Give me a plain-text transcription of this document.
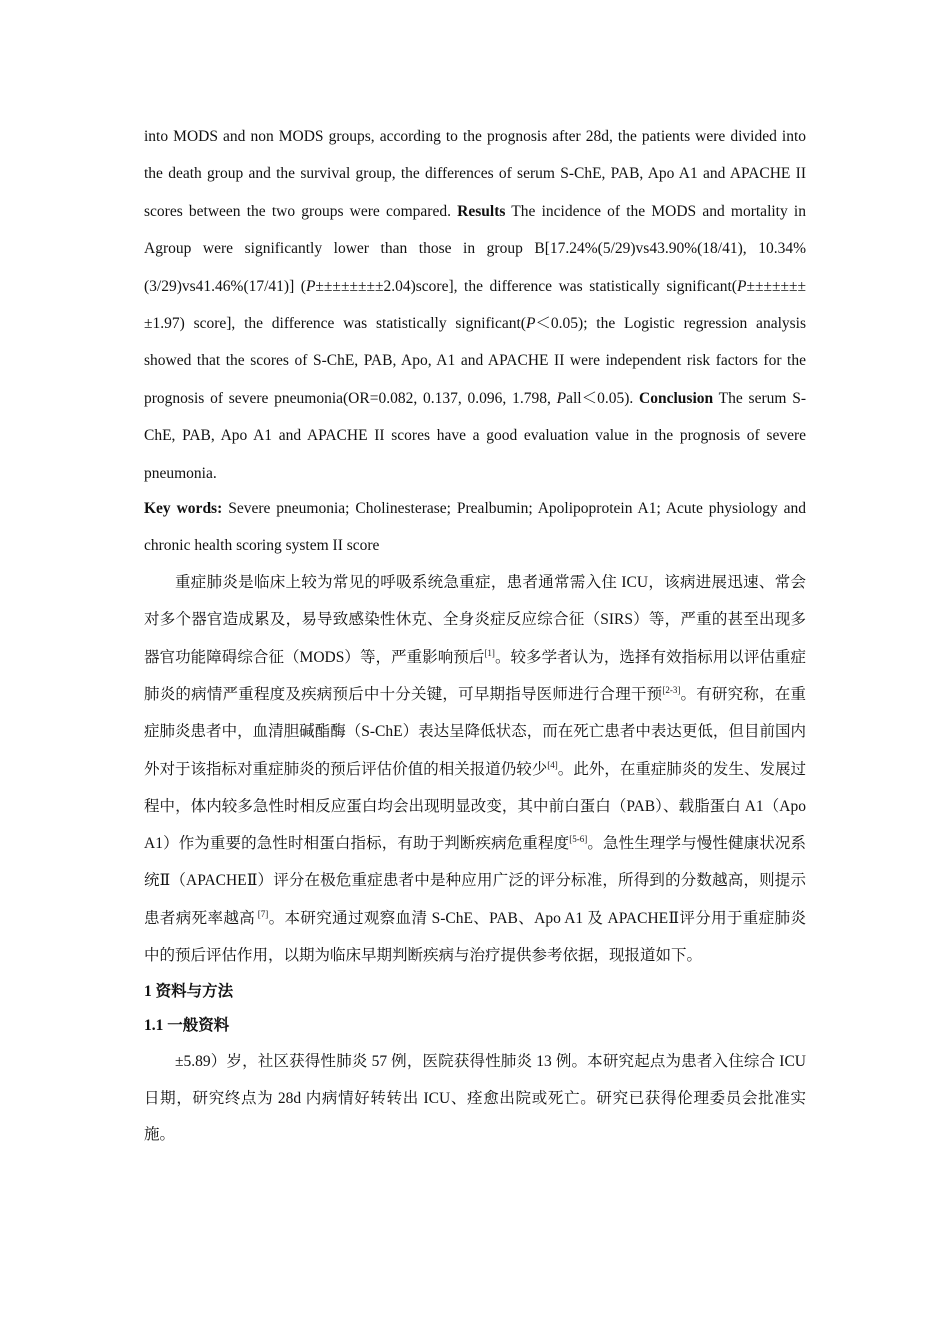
into MODS and non MODS groups, according to the prognosis after 28d, the patients were divided into the death group and the survival group, the differences of serum S-ChE, PAB, Apo A1 and APACHE II scores between the two groups were compared. Results The incidence of the MODS and mortality in Agroup were significantly lower than those in group B[17.24%(5/29)vs43.90%(18/41), 10.34%(3/29)vs41.46%(17/41)] (P±±±±±±±±2.04)score], the difference was statistically significant(P±±±±±±±±1.97) score], the difference was statistically significant(P＜0.05); the Logistic regression analysis showed that the scores of S-ChE, PAB, Apo, A1 and APACHE II were independent risk factors for the prognosis of severe pneumonia(OR=0.082, 0.137, 0.096, 1.798, Pall＜0.05). Conclusion The serum S-ChE, PAB, Apo A1 and APACHE II scores have a good evaluation value in the prognosis of severe pneumonia.

Key words: Severe pneumonia; Cholinesterase; Prealbumin; Apolipoprotein A1; Acute physiology and chronic health scoring system II score

重症肺炎是临床上较为常见的呼吸系统急重症，患者通常需入住 ICU，该病进展迅速、常会对多个器官造成累及，易导致感染性休克、全身炎症反应综合征（SIRS）等，严重的甚至出现多器官功能障碍综合征（MODS）等，严重影响预后[1]。较多学者认为，选择有效指标用以评估重症肺炎的病情严重程度及疾病预后中十分关键，可早期指导医师进行合理干预[2-3]。有研究称，在重症肺炎患者中，血清胆碱酯酶（S-ChE）表达呈降低状态，而在死亡患者中表达更低，但目前国内外对于该指标对重症肺炎的预后评估价值的相关报道仍较少[4]。此外，在重症肺炎的发生、发展过程中，体内较多急性时相反应蛋白均会出现明显改变，其中前白蛋白（PAB）、载脂蛋白 A1（Apo A1）作为重要的急性时相蛋白指标，有助于判断疾病危重程度[5-6]。急性生理学与慢性健康状况系统Ⅱ（APACHEⅡ）评分在极危重症患者中是种应用广泛的评分标准，所得到的分数越高，则提示患者病死率越高 [7]。本研究通过观察血清 S-ChE、PAB、Apo A1 及 APACHEⅡ评分用于重症肺炎中的预后评估作用，以期为临床早期判断疾病与治疗提供参考依据，现报道如下。

1 资料与方法
1.1 一般资料

±5.89）岁，社区获得性肺炎 57 例，医院获得性肺炎 13 例。本研究起点为患者入住综合 ICU 日期，研究终点为 28d 内病情好转转出 ICU、痊愈出院或死亡。研究已获得伦理委员会批准实施。
